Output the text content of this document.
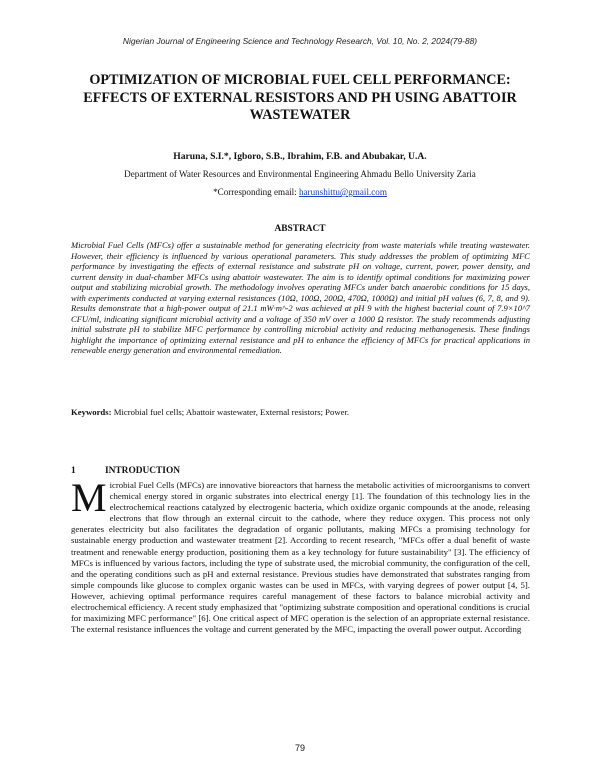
Nigerian Journal of Engineering Science and Technology Research, Vol. 10, No. 2, 2024(79-88)
OPTIMIZATION OF MICROBIAL FUEL CELL PERFORMANCE: EFFECTS OF EXTERNAL RESISTORS AND PH USING ABATTOIR WASTEWATER
Haruna, S.I.*, Igboro, S.B., Ibrahim, F.B. and Abubakar, U.A.
Department of Water Resources and Environmental Engineering Ahmadu Bello University Zaria
*Corresponding email: harunshittu@gmail.com
ABSTRACT

Microbial Fuel Cells (MFCs) offer a sustainable method for generating electricity from waste materials while treating wastewater. However, their efficiency is influenced by various operational parameters. This study addresses the problem of optimizing MFC performance by investigating the effects of external resistance and substrate pH on voltage, current, power, power density, and current density in dual-chamber MFCs using abattoir wastewater. The aim is to identify optimal conditions for maximizing power output and stabilizing microbial growth. The methodology involves operating MFCs under batch anaerobic conditions for 15 days, with experiments conducted at varying external resistances (10Ω, 100Ω, 200Ω, 470Ω, 1000Ω) and initial pH values (6, 7, 8, and 9). Results demonstrate that a high-power output of 21.1 mW·m^-2 was achieved at pH 9 with the highest bacterial count of 7.9×10^7 CFU/ml, indicating significant microbial activity and a voltage of 350 mV over a 1000 Ω resistor. The study recommends adjusting initial substrate pH to stabilize MFC performance by controlling microbial activity and reducing methanogenesis. These findings highlight the importance of optimizing external resistance and pH to enhance the efficiency of MFCs for practical applications in renewable energy generation and environmental remediation.

Keywords: Microbial fuel cells; Abattoir wastewater, External resistors; Power.
1	INTRODUCTION

Microbial Fuel Cells (MFCs) are innovative bioreactors that harness the metabolic activities of microorganisms to convert chemical energy stored in organic substrates into electrical energy [1]. The foundation of this technology lies in the electrochemical reactions catalyzed by electrogenic bacteria, which oxidize organic compounds at the anode, releasing electrons that flow through an external circuit to the cathode, where they reduce oxygen. This process not only generates electricity but also facilitates the degradation of organic pollutants, making MFCs a promising technology for sustainable energy production and wastewater treatment [2]. According to recent research, "MFCs offer a dual benefit of waste treatment and renewable energy production, positioning them as a key technology for future sustainability" [3]. The efficiency of MFCs is influenced by various factors, including the type of substrate used, the microbial community, the configuration of the cell, and the operating conditions such as pH and external resistance. Previous studies have demonstrated that substrates ranging from simple compounds like glucose to complex organic wastes can be used in MFCs, with varying degrees of power output [4, 5]. However, achieving optimal performance requires careful management of these factors to balance microbial activity and electrochemical efficiency. A recent study emphasized that "optimizing substrate composition and operational conditions is crucial for maximizing MFC performance" [6]. One critical aspect of MFC operation is the selection of an appropriate external resistance. The external resistance influences the voltage and current generated by the MFC, impacting the overall power output. According

79
